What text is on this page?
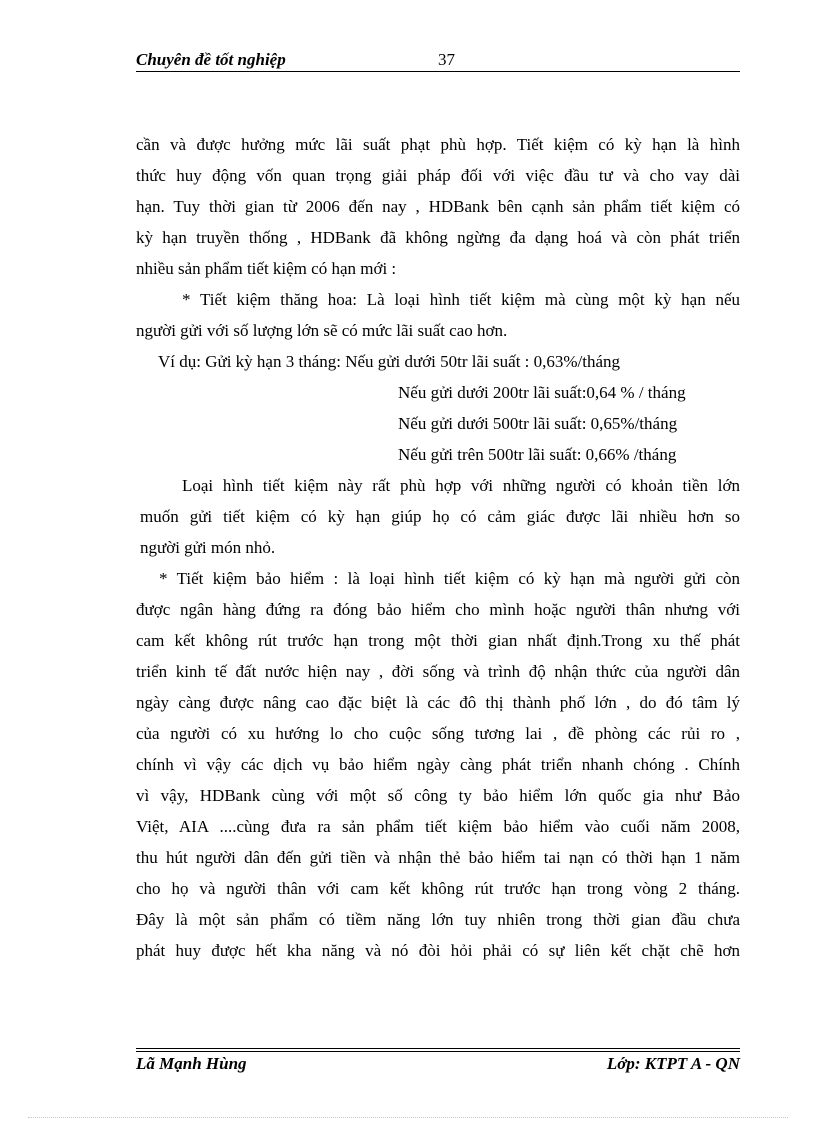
Chuyên đề tốt nghiệp	37
cần và được hưởng mức lãi suất phạt phù hợp. Tiết kiệm có kỳ hạn là hình
thức huy động vốn quan trọng giải pháp đối với việc đầu tư và cho vay dài
hạn. Tuy thời gian từ 2006 đến nay , HDBank bên cạnh sản phẩm tiết kiệm có
kỳ hạn truyền thống , HDBank đã không ngừng đa dạng hoá và còn phát triển
nhiều sản phẩm tiết kiệm có hạn mới :
* Tiết kiệm thăng hoa: Là loại hình tiết kiệm mà cùng một kỳ hạn nếu
người gửi với số lượng lớn sẽ có mức lãi suất cao hơn.
Ví dụ: Gửi kỳ hạn 3 tháng: Nếu gửi dưới 50tr lãi suất : 0,63%/tháng
Nếu gửi dưới 200tr lãi suất:0,64 % / tháng
Nếu gửi dưới 500tr lãi suất: 0,65%/tháng
Nếu gửi trên 500tr lãi suất: 0,66% /tháng
Loại hình tiết kiệm này rất phù hợp với những người có khoản tiền lớn
muốn gửi tiết kiệm có kỳ hạn giúp họ có cảm giác được lãi nhiều hơn so
người gửi món nhỏ.
* Tiết kiệm bảo hiểm : là loại hình tiết kiệm có kỳ hạn mà người gửi còn
được ngân hàng đứng ra đóng bảo hiểm cho mình hoặc người thân nhưng với
cam kết không rút trước hạn trong một thời gian nhất định.Trong xu thế phát
triển kinh tế đất nước hiện nay , đời sống và trình độ nhận thức của người dân
ngày càng được nâng cao đặc biệt là các đô thị thành phố lớn , do đó tâm lý
của người có xu hướng lo cho cuộc sống tương lai , đề phòng các rủi ro ,
chính vì vậy các dịch vụ bảo hiểm ngày càng phát triển nhanh chóng . Chính
vì vậy, HDBank cùng với một số công ty bảo hiểm lớn quốc gia như Bảo
Việt, AIA ....cùng đưa ra sản phẩm tiết kiệm bảo hiểm vào cuối năm 2008,
thu hút người dân đến gửi tiền và nhận thẻ bảo hiểm tai nạn có thời hạn 1 năm
cho họ và người thân với cam kết không rút trước hạn trong vòng 2 tháng.
Đây là một sản phẩm có tiềm năng lớn tuy nhiên trong thời gian đầu chưa
phát huy được hết kha năng và nó đòi hỏi phải có sự liên kết chặt chẽ hơn
Lã Mạnh Hùng	Lớp: KTPT A - QN
